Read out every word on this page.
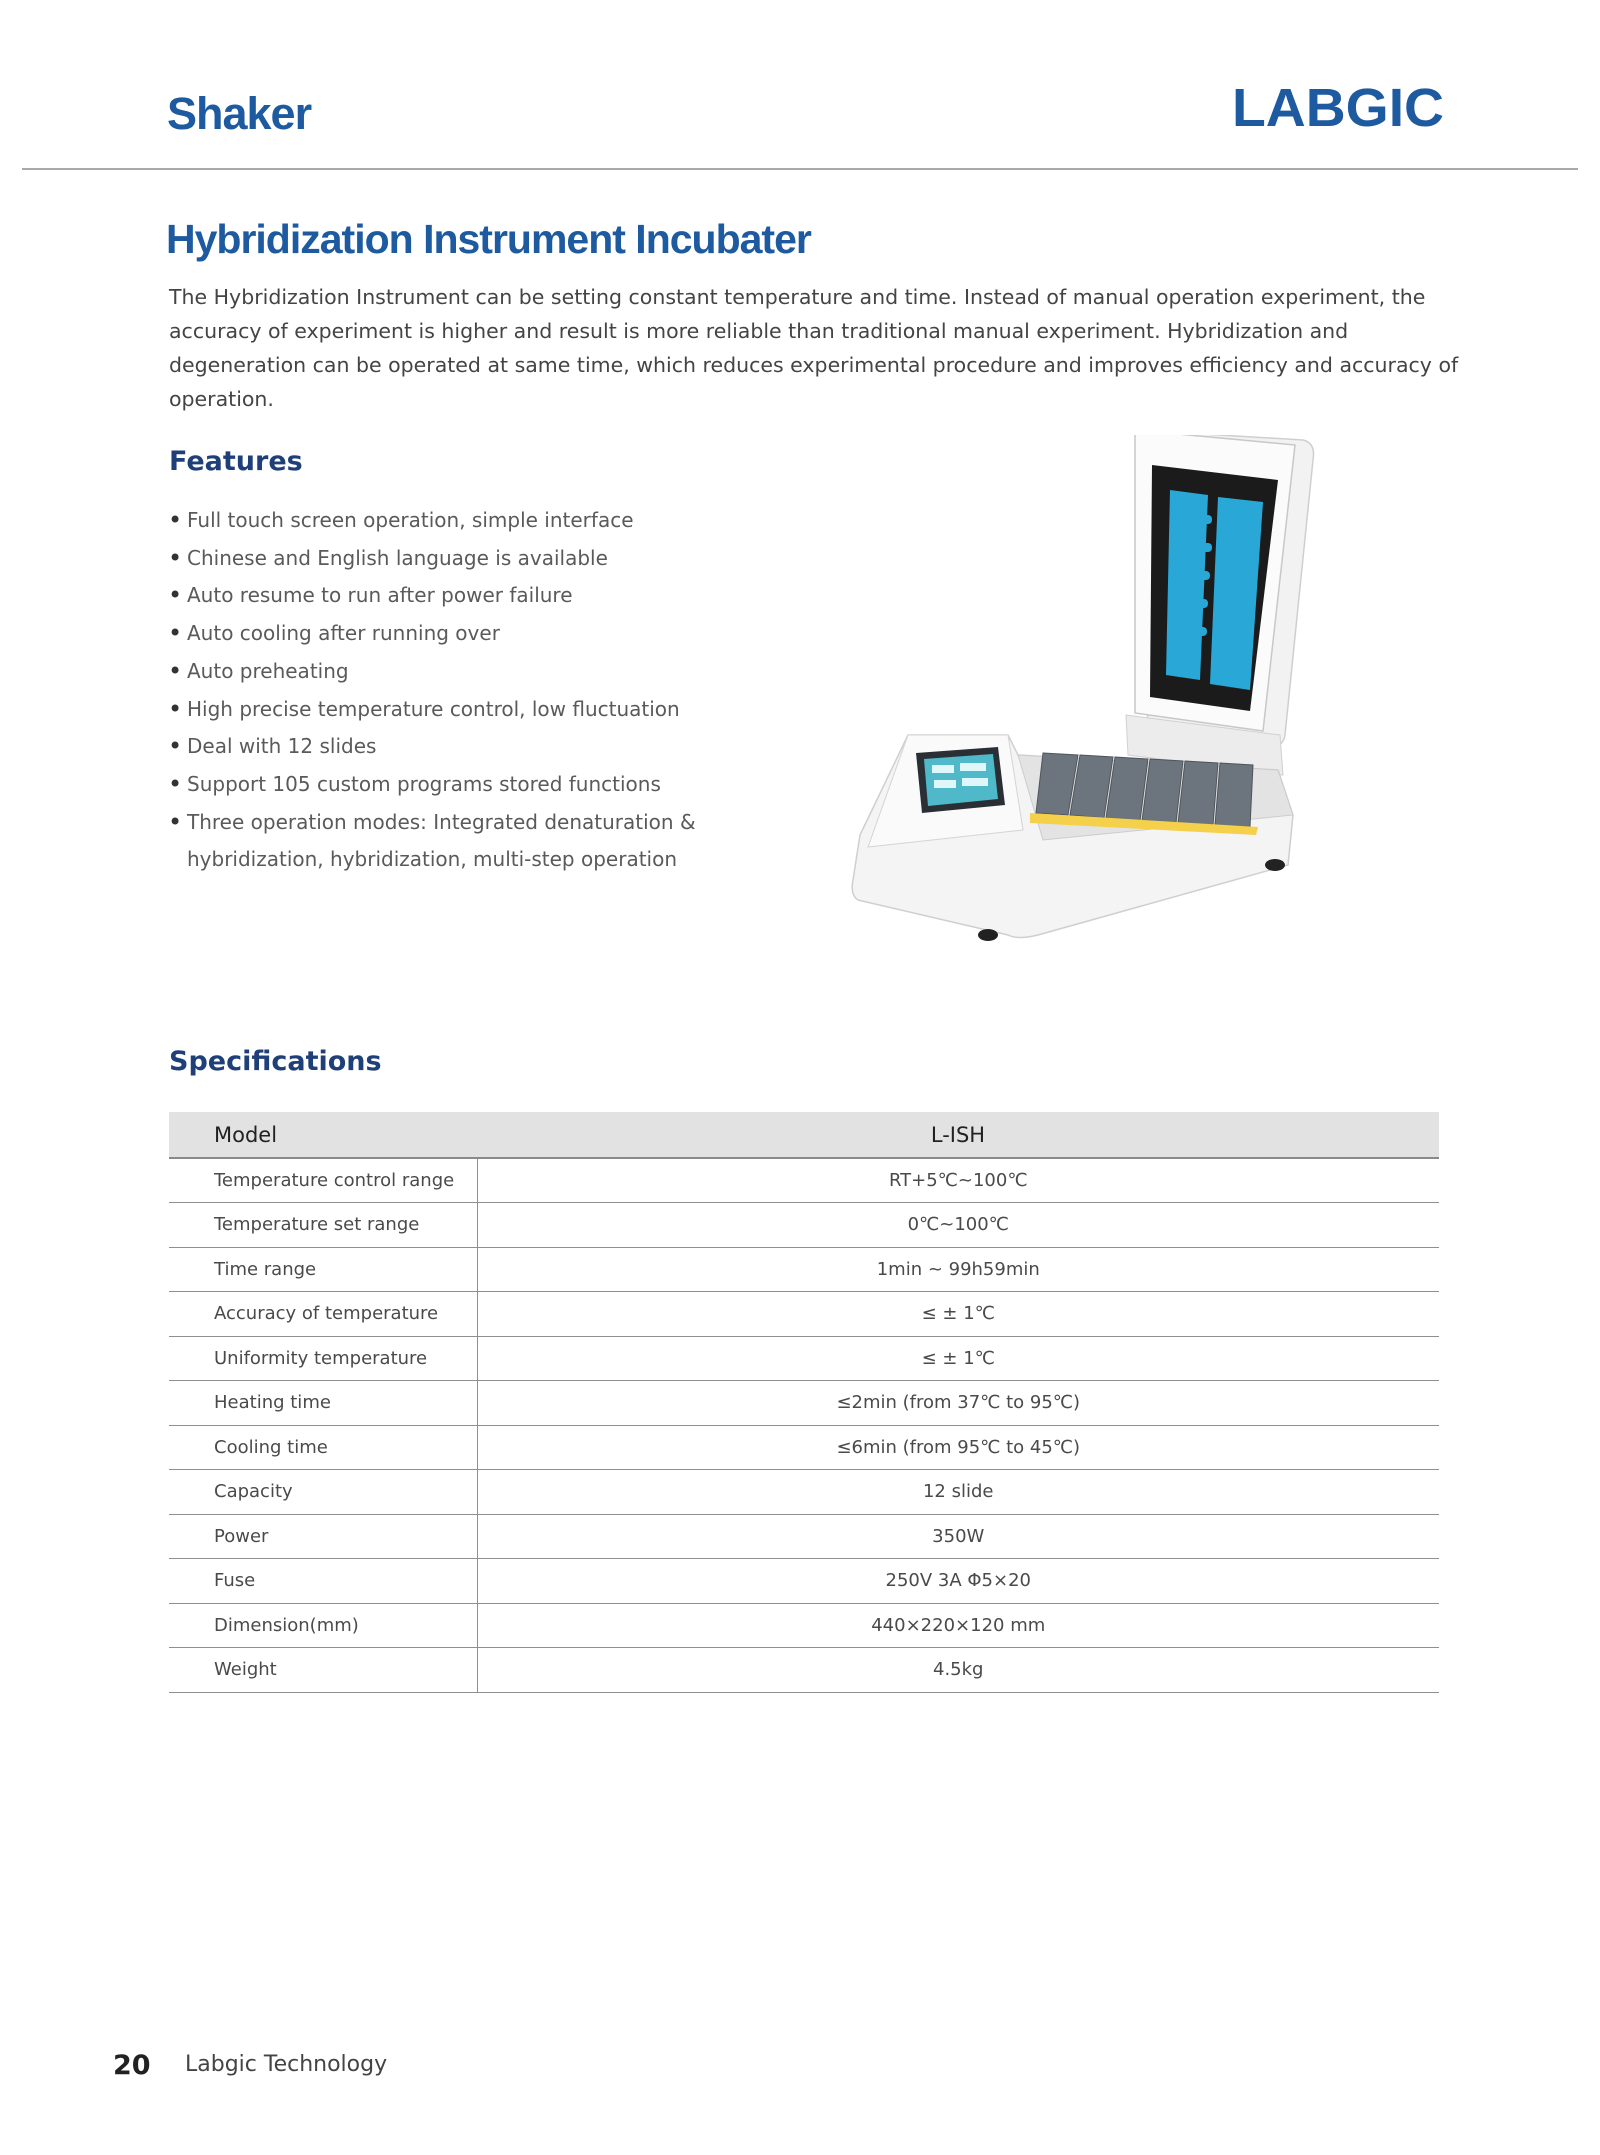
Shaker	LABGIC
Hybridization Instrument Incubater

The Hybridization Instrument can be setting constant temperature and time. Instead of manual operation experiment, the accuracy of experiment is higher and result is more reliable than traditional manual experiment. Hybridization and degeneration can be operated at same time, which reduces experimental procedure and improves efficiency and accuracy of operation.

Features
• Full touch screen operation, simple interface
• Chinese and English language is available
• Auto resume to run after power failure
• Auto cooling after running over
• Auto preheating
• High precise temperature control, low fluctuation
• Deal with 12 slides
• Support 105 custom programs stored functions
• Three operation modes: Integrated denaturation & hybridization, hybridization, multi-step operation
Specifications
Model	L-ISH
Temperature control range	RT+5℃~100℃
Temperature set range	0℃~100℃
Time range	1min ~ 99h59min
Accuracy of temperature	≤ ± 1℃
Uniformity temperature	≤ ± 1℃
Heating time	≤2min (from 37℃ to 95℃)
Cooling time	≤6min (from 95℃ to 45℃)
Capacity	12 slide
Power	350W
Fuse	250V 3A Φ5×20
Dimension(mm)	440×220×120 mm
Weight	4.5kg
20 Labgic Technology
